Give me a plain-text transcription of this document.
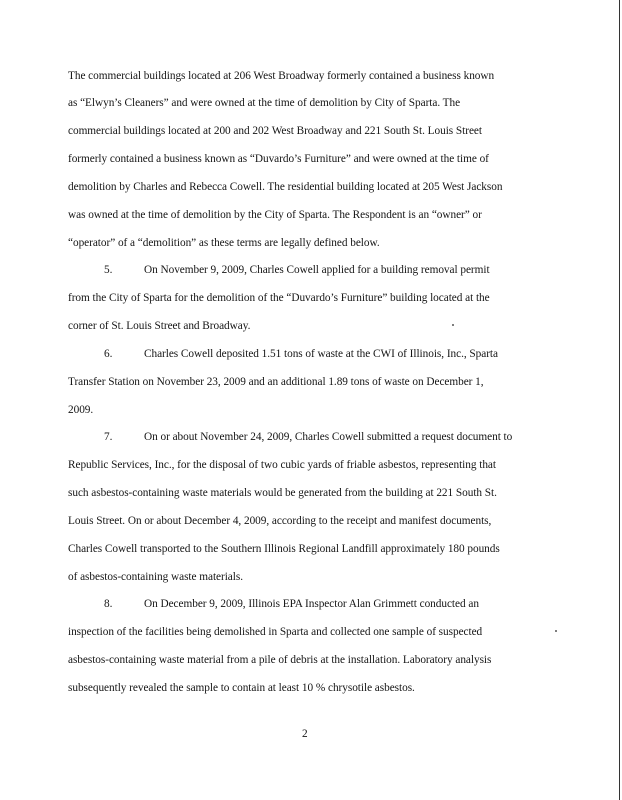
The commercial buildings located at 206 West Broadway formerly contained a business known
as “Elwyn’s Cleaners” and were owned at the time of demolition by City of Sparta. The
commercial buildings located at 200 and 202 West Broadway and 221 South St. Louis Street
formerly contained a business known as “Duvardo’s Furniture” and were owned at the time of
demolition by Charles and Rebecca Cowell. The residential building located at 205 West Jackson
was owned at the time of demolition by the City of Sparta. The Respondent is an “owner” or
“operator” of a “demolition” as these terms are legally defined below.
5.	On November 9, 2009, Charles Cowell applied for a building removal permit
from the City of Sparta for the demolition of the “Duvardo’s Furniture” building located at the
corner of St. Louis Street and Broadway.
6.	Charles Cowell deposited 1.51 tons of waste at the CWI of Illinois, Inc., Sparta
Transfer Station on November 23, 2009 and an additional 1.89 tons of waste on December 1,
2009.
7.	On or about November 24, 2009, Charles Cowell submitted a request document to
Republic Services, Inc., for the disposal of two cubic yards of friable asbestos, representing that
such asbestos-containing waste materials would be generated from the building at 221 South St.
Louis Street. On or about December 4, 2009, according to the receipt and manifest documents,
Charles Cowell transported to the Southern Illinois Regional Landfill approximately 180 pounds
of asbestos-containing waste materials.
8.	On December 9, 2009, Illinois EPA Inspector Alan Grimmett conducted an
inspection of the facilities being demolished in Sparta and collected one sample of suspected
asbestos-containing waste material from a pile of debris at the installation. Laboratory analysis
subsequently revealed the sample to contain at least 10 % chrysotile asbestos.
2
